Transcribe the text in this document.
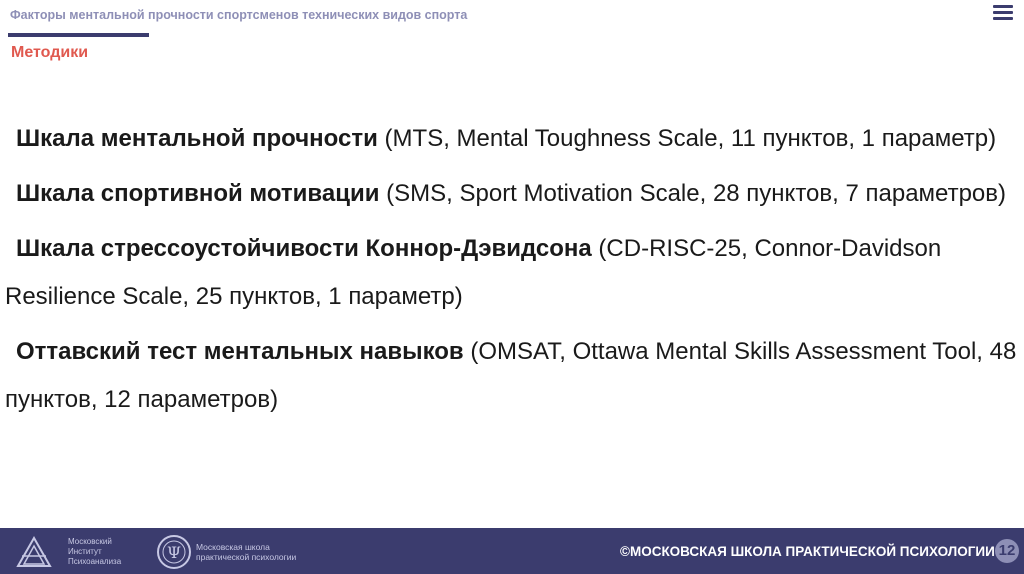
Факторы ментальной прочности спортсменов технических видов спорта
Методики
Шкала ментальной прочности (MTS, Mental Toughness Scale, 11 пунктов, 1 параметр)
Шкала спортивной мотивации (SMS, Sport Motivation Scale, 28 пунктов, 7 параметров)
Шкала стрессоустойчивости Коннор-Дэвидсона (CD-RISC-25, Connor-Davidson Resilience Scale, 25 пунктов, 1 параметр)
Оттавский тест ментальных навыков (OMSAT, Ottawa Mental Skills Assessment Tool, 48 пунктов, 12 параметров)
Московский
Институт
Психоанализа	Ψ Московская школа
практической психологии	©МОСКОВСКАЯ ШКОЛА ПРАКТИЧЕСКОЙ ПСИХОЛОГИИ 12
